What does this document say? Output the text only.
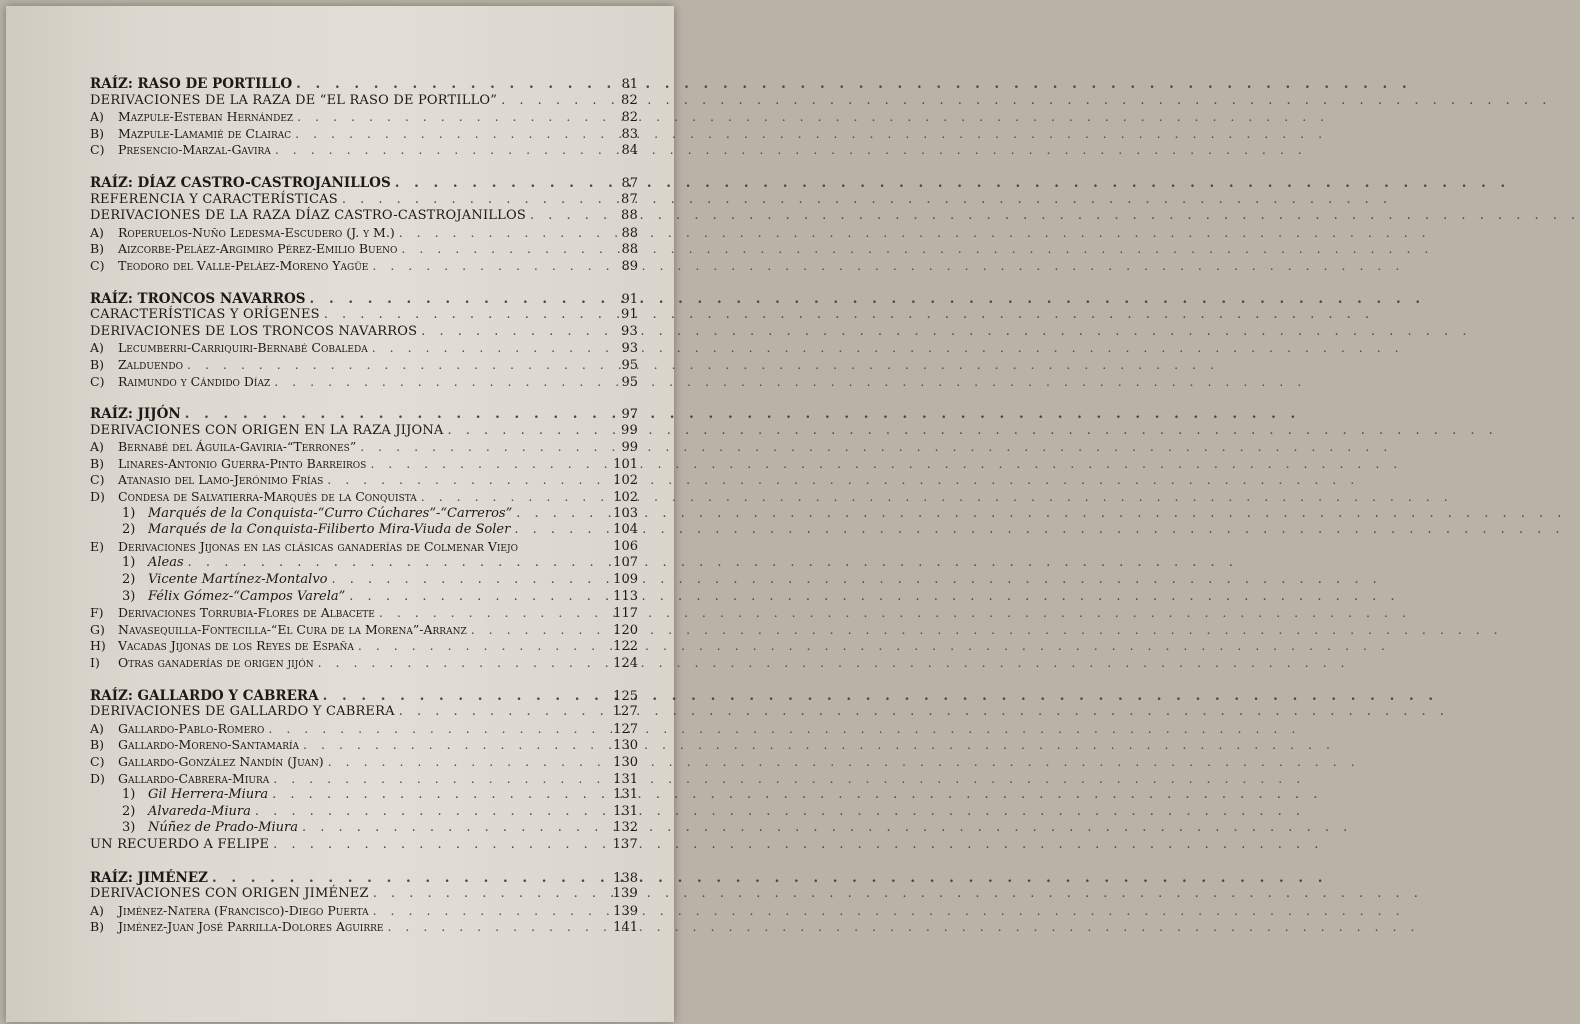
RAÍZ: RASO DE PORTILLO . . .	81
DERIVACIONES DE LA RAZA DE “EL RASO DE PORTILLO” . . .	82
A)	Mazpule-Esteban Hernández . . .	82
B)	Mazpule-Lamamié de Clairac . . .	83
C)	Presencio-Marzal-Gavira . . .	84
RAÍZ: DÍAZ CASTRO-CASTROJANILLOS . . .	87
REFERENCIA Y CARACTERÍSTICAS . . .	87
DERIVACIONES DE LA RAZA DÍAZ CASTRO-CASTROJANILLOS . . .	88
A)	Roperuelos-Nuño Ledesma-Escudero (J. y M.) . . .	88
B)	Aizcorbe-Peláez-Argimiro Pérez-Emilio Bueno . . .	88
C)	Teodoro del Valle-Peláez-Moreno Yagüe . . .	89
RAÍZ: TRONCOS NAVARROS . . .	91
CARACTERÍSTICAS Y ORÍGENES . . .	91
DERIVACIONES DE LOS TRONCOS NAVARROS . . .	93
A)	Lecumberri-Carriquiri-Bernabé Cobaleda . . .	93
B)	Zalduendo . . .	95
C)	Raimundo y Cándido Díaz . . .	95
RAÍZ: JIJÓN . . .	97
DERIVACIONES CON ORIGEN EN LA RAZA JIJONA . . .	99
A)	Bernabé del Águila-Gaviria-“Terrones” . . .	99
B)	Linares-Antonio Guerra-Pinto Barreiros . . .	101
C)	Atanasio del Lamo-Jerónimo Frías . . .	102
D)	Condesa de Salvatierra-Marqués de la Conquista . . .	102
1) Marqués de la Conquista-“Curro Cúchares”-“Carreros” . . .	103
2) Marqués de la Conquista-Filiberto Mira-Viuda de Soler . . .	104
E)	Derivaciones Jijonas en las clásicas ganaderías de Colmenar Viejo	106
1) Aleas . . .	107
2) Vicente Martínez-Montalvo . . .	109
3) Félix Gómez-“Campos Varela” . . .	113
F)	Derivaciones Torrubia-Flores de Albacete . . .	117
G)	Navasequilla-Fontecilla-“El Cura de la Morena”-Arranz . . .	120
H) Vacadas Jijonas de los Reyes de España . . .	122
I)	Otras ganaderías de origen jijón . . .	124
RAÍZ: GALLARDO Y CABRERA . . .	125
DERIVACIONES DE GALLARDO Y CABRERA . . .	127
A)	Gallardo-Pablo-Romero . . .	127
B)	Gallardo-Moreno-Santamaría . . .	130
C)	Gallardo-González Nandín (Juan) . . .	130
D)	Gallardo-Cabrera-Miura . . .	131
1) Gil Herrera-Miura . . .	131
2) Alvareda-Miura . . .	131
3) Núñez de Prado-Miura . . .	132
UN RECUERDO A FELIPE . . .	137
RAÍZ: JIMÉNEZ . . .	138
DERIVACIONES CON ORIGEN JIMÉNEZ . . .	139
A)	Jiménez-Natera (Francisco)-Diego Puerta . . .	139
B)	Jiménez-Juan José Parrilla-Dolores Aguirre . . .	141
